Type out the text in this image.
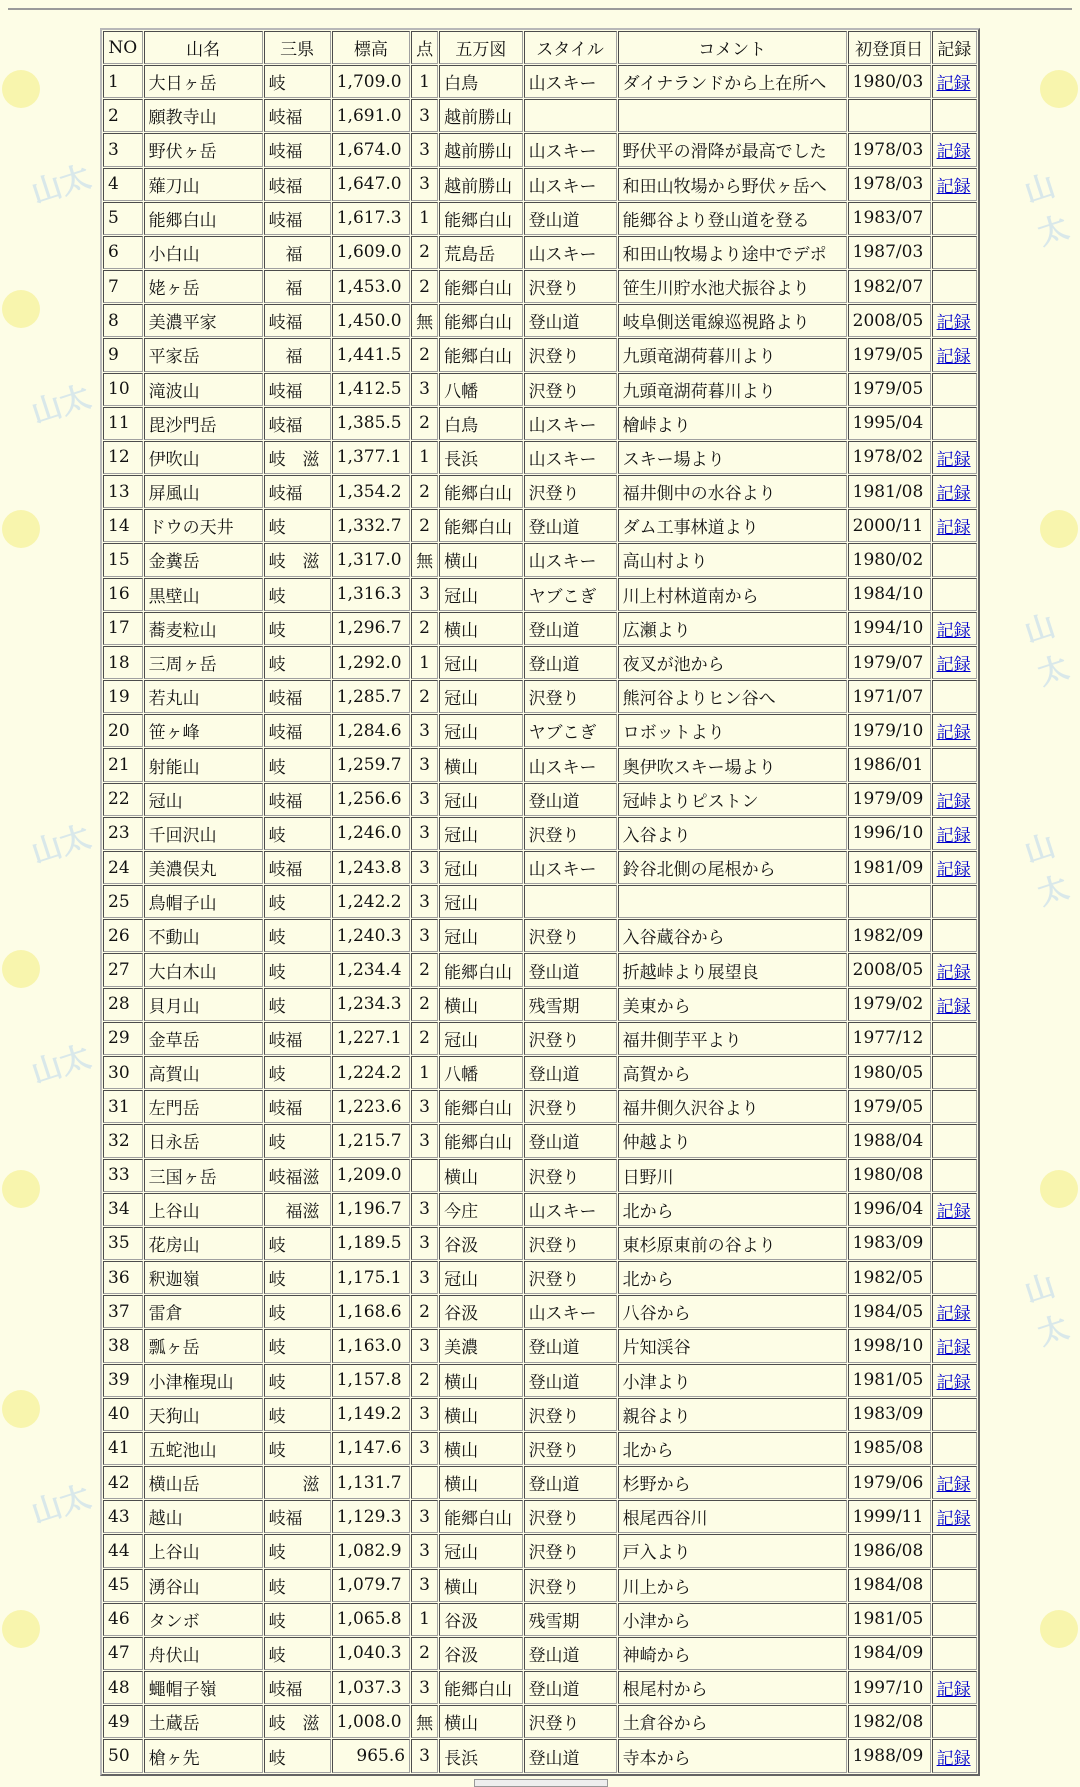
山太
山太
山太
山太
山太
山太
山太
山太
山太
NO	山名	三県	標高	点	五万図	スタイル	コメント	初登頂日	記録
1	大日ヶ岳	岐	1,709.0	1	白鳥	山スキー	ダイナランドから上在所へ	1980/03	記録
2	願教寺山	岐福	1,691.0	3	越前勝山				
3	野伏ヶ岳	岐福	1,674.0	3	越前勝山	山スキー	野伏平の滑降が最高でした	1978/03	記録
4	薙刀山	岐福	1,647.0	3	越前勝山	山スキー	和田山牧場から野伏ヶ岳へ	1978/03	記録
5	能郷白山	岐福	1,617.3	1	能郷白山	登山道	能郷谷より登山道を登る	1983/07	
6	小白山	　福	1,609.0	2	荒島岳	山スキー	和田山牧場より途中でデポ	1987/03	
7	姥ヶ岳	　福	1,453.0	2	能郷白山	沢登り	笹生川貯水池犬振谷より	1982/07	
8	美濃平家	岐福	1,450.0	無	能郷白山	登山道	岐阜側送電線巡視路より	2008/05	記録
9	平家岳	　福	1,441.5	2	能郷白山	沢登り	九頭竜湖荷暮川より	1979/05	記録
10	滝波山	岐福	1,412.5	3	八幡	沢登り	九頭竜湖荷暮川より	1979/05	
11	毘沙門岳	岐福	1,385.5	2	白鳥	山スキー	檜峠より	1995/04	
12	伊吹山	岐　滋	1,377.1	1	長浜	山スキー	スキー場より	1978/02	記録
13	屏風山	岐福	1,354.2	2	能郷白山	沢登り	福井側中の水谷より	1981/08	記録
14	ドウの天井	岐	1,332.7	2	能郷白山	登山道	ダム工事林道より	2000/11	記録
15	金糞岳	岐　滋	1,317.0	無	横山	山スキー	高山村より	1980/02	
16	黒壁山	岐	1,316.3	3	冠山	ヤブこぎ	川上村林道南から	1984/10	
17	蕎麦粒山	岐	1,296.7	2	横山	登山道	広瀬より	1994/10	記録
18	三周ヶ岳	岐	1,292.0	1	冠山	登山道	夜叉が池から	1979/07	記録
19	若丸山	岐福	1,285.7	2	冠山	沢登り	熊河谷よりヒン谷へ	1971/07	
20	笹ヶ峰	岐福	1,284.6	3	冠山	ヤブこぎ	ロボットより	1979/10	記録
21	射能山	岐	1,259.7	3	横山	山スキー	奥伊吹スキー場より	1986/01	
22	冠山	岐福	1,256.6	3	冠山	登山道	冠峠よりピストン	1979/09	記録
23	千回沢山	岐	1,246.0	3	冠山	沢登り	入谷より	1996/10	記録
24	美濃俣丸	岐福	1,243.8	3	冠山	山スキー	鈴谷北側の尾根から	1981/09	記録
25	鳥帽子山	岐	1,242.2	3	冠山				
26	不動山	岐	1,240.3	3	冠山	沢登り	入谷蔵谷から	1982/09	
27	大白木山	岐	1,234.4	2	能郷白山	登山道	折越峠より展望良	2008/05	記録
28	貝月山	岐	1,234.3	2	横山	残雪期	美東から	1979/02	記録
29	金草岳	岐福	1,227.1	2	冠山	沢登り	福井側芋平より	1977/12	
30	高賀山	岐	1,224.2	1	八幡	登山道	高賀から	1980/05	
31	左門岳	岐福	1,223.6	3	能郷白山	沢登り	福井側久沢谷より	1979/05	
32	日永岳	岐	1,215.7	3	能郷白山	登山道	仲越より	1988/04	
33	三国ヶ岳	岐福滋	1,209.0		横山	沢登り	日野川	1980/08	
34	上谷山	　福滋	1,196.7	3	今庄	山スキー	北から	1996/04	記録
35	花房山	岐	1,189.5	3	谷汲	沢登り	東杉原東前の谷より	1983/09	
36	釈迦嶺	岐	1,175.1	3	冠山	沢登り	北から	1982/05	
37	雷倉	岐	1,168.6	2	谷汲	山スキー	八谷から	1984/05	記録
38	瓢ヶ岳	岐	1,163.0	3	美濃	登山道	片知渓谷	1998/10	記録
39	小津権現山	岐	1,157.8	2	横山	登山道	小津より	1981/05	記録
40	天狗山	岐	1,149.2	3	横山	沢登り	親谷より	1983/09	
41	五蛇池山	岐	1,147.6	3	横山	沢登り	北から	1985/08	
42	横山岳	　　滋	1,131.7		横山	登山道	杉野から	1979/06	記録
43	越山	岐福	1,129.3	3	能郷白山	沢登り	根尾西谷川	1999/11	記録
44	上谷山	岐	1,082.9	3	冠山	沢登り	戸入より	1986/08	
45	湧谷山	岐	1,079.7	3	横山	沢登り	川上から	1984/08	
46	タンボ	岐	1,065.8	1	谷汲	残雪期	小津から	1981/05	
47	舟伏山	岐	1,040.3	2	谷汲	登山道	神崎から	1984/09	
48	蠅帽子嶺	岐福	1,037.3	3	能郷白山	登山道	根尾村から	1997/10	記録
49	土蔵岳	岐　滋	1,008.0	無	横山	沢登り	土倉谷から	1982/08	
50	槍ヶ先	岐	965.6	3	長浜	登山道	寺本から	1988/09	記録
